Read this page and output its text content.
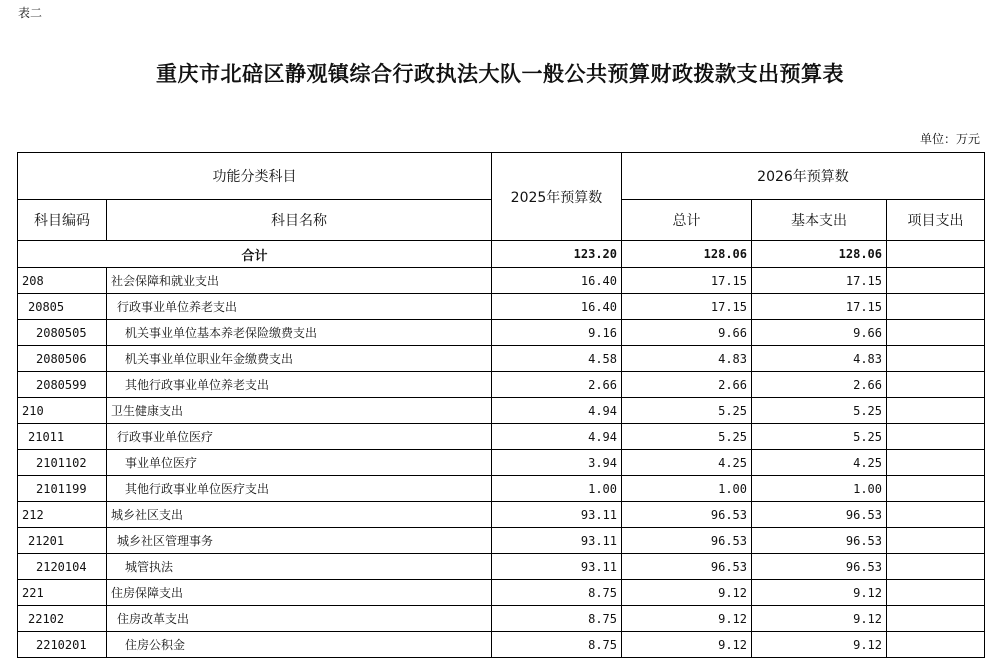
表二
重庆市北碚区静观镇综合行政执法大队一般公共预算财政拨款支出预算表
单位：万元
功能分类科目		2025年预算数	2026年预算数		
科目编码	科目名称		总计	基本支出	项目支出
合计		123.20	128.06	128.06	
208	社会保障和就业支出	16.40	17.15	17.15	
20805	行政事业单位养老支出	16.40	17.15	17.15	
2080505	机关事业单位基本养老保险缴费支出	9.16	9.66	9.66	
2080506	机关事业单位职业年金缴费支出	4.58	4.83	4.83	
2080599	其他行政事业单位养老支出	2.66	2.66	2.66	
210	卫生健康支出	4.94	5.25	5.25	
21011	行政事业单位医疗	4.94	5.25	5.25	
2101102	事业单位医疗	3.94	4.25	4.25	
2101199	其他行政事业单位医疗支出	1.00	1.00	1.00	
212	城乡社区支出	93.11	96.53	96.53	
21201	城乡社区管理事务	93.11	96.53	96.53	
2120104	城管执法	93.11	96.53	96.53	
221	住房保障支出	8.75	9.12	9.12	
22102	住房改革支出	8.75	9.12	9.12	
2210201	住房公积金	8.75	9.12	9.12	
